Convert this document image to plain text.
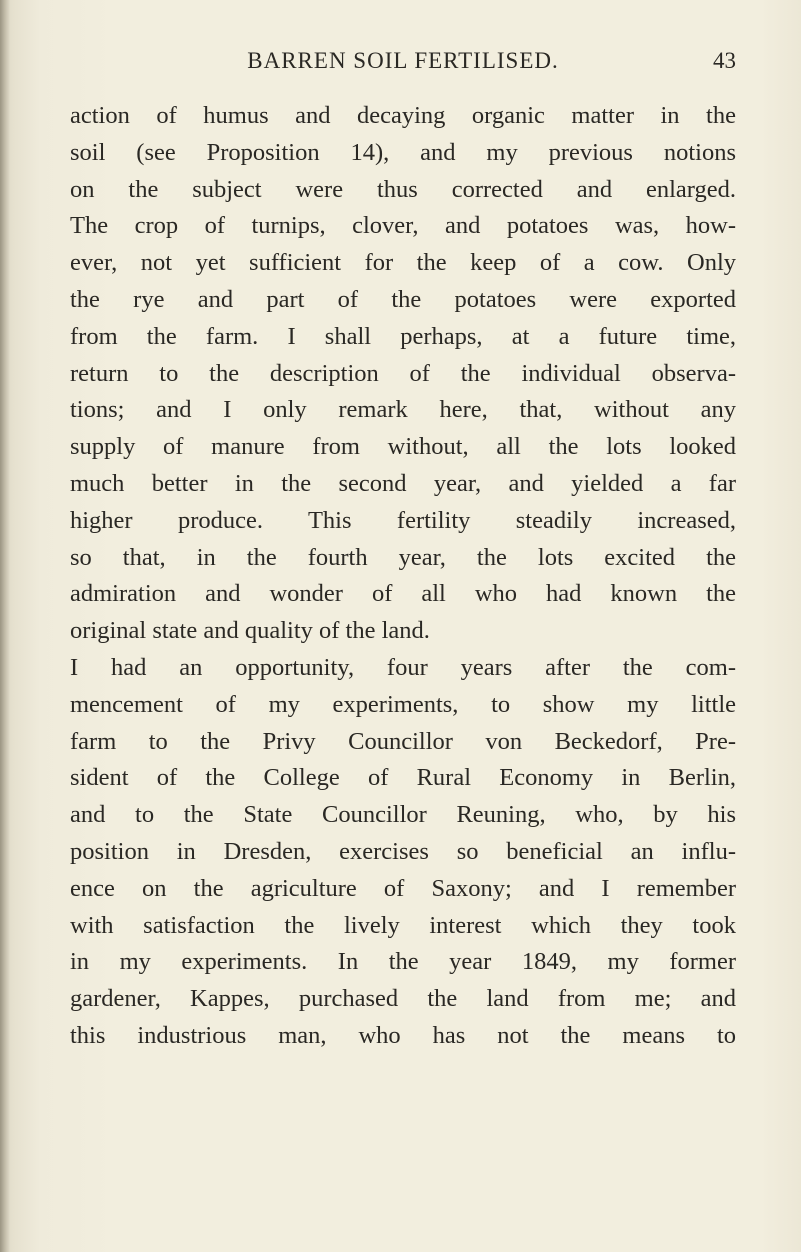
BARREN SOIL FERTILISED.	43
action of humus and decaying organic matter in the
soil (see Proposition 14), and my previous notions
on the subject were thus corrected and enlarged.
The crop of turnips, clover, and potatoes was, how-
ever, not yet sufficient for the keep of a cow. Only
the rye and part of the potatoes were exported
from the farm. I shall perhaps, at a future time,
return to the description of the individual observa-
tions; and I only remark here, that, without any
supply of manure from without, all the lots looked
much better in the second year, and yielded a far
higher produce. This fertility steadily increased,
so that, in the fourth year, the lots excited the
admiration and wonder of all who had known the
original state and quality of the land.
I had an opportunity, four years after the com-
mencement of my experiments, to show my little
farm to the Privy Councillor von Beckedorf, Pre-
sident of the College of Rural Economy in Berlin,
and to the State Councillor Reuning, who, by his
position in Dresden, exercises so beneficial an influ-
ence on the agriculture of Saxony; and I remember
with satisfaction the lively interest which they took
in my experiments. In the year 1849, my former
gardener, Kappes, purchased the land from me; and
this industrious man, who has not the means to
